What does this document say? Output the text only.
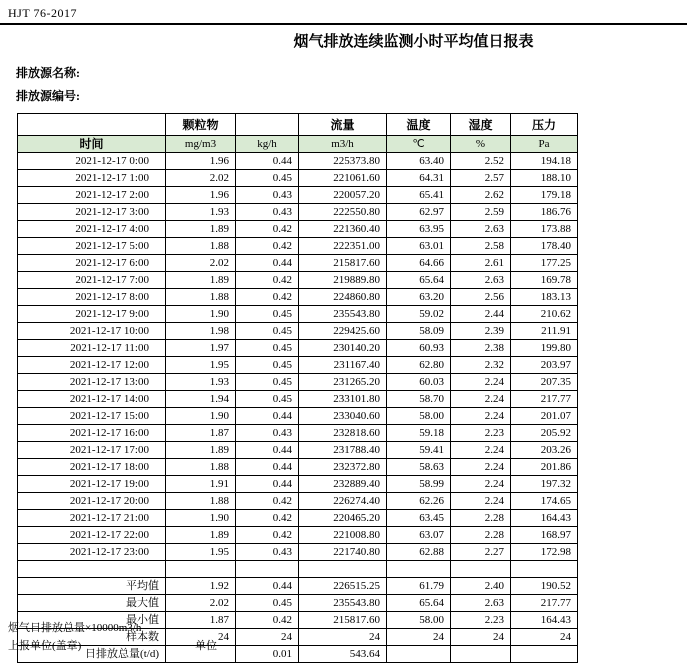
HJT 76-2017
烟气排放连续监测小时平均值日报表
排放源名称:
排放源编号:
	颗粒物		流量	温度	湿度	压力
时间	mg/m3	kg/h	m3/h	℃	%	Pa
2021-12-17 0:00	1.96	0.44	225373.80	63.40	2.52	194.18
2021-12-17 1:00	2.02	0.45	221061.60	64.31	2.57	188.10
2021-12-17 2:00	1.96	0.43	220057.20	65.41	2.62	179.18
2021-12-17 3:00	1.93	0.43	222550.80	62.97	2.59	186.76
2021-12-17 4:00	1.89	0.42	221360.40	63.95	2.63	173.88
2021-12-17 5:00	1.88	0.42	222351.00	63.01	2.58	178.40
2021-12-17 6:00	2.02	0.44	215817.60	64.66	2.61	177.25
2021-12-17 7:00	1.89	0.42	219889.80	65.64	2.63	169.78
2021-12-17 8:00	1.88	0.42	224860.80	63.20	2.56	183.13
2021-12-17 9:00	1.90	0.45	235543.80	59.02	2.44	210.62
2021-12-17 10:00	1.98	0.45	229425.60	58.09	2.39	211.91
2021-12-17 11:00	1.97	0.45	230140.20	60.93	2.38	199.80
2021-12-17 12:00	1.95	0.45	231167.40	62.80	2.32	203.97
2021-12-17 13:00	1.93	0.45	231265.20	60.03	2.24	207.35
2021-12-17 14:00	1.94	0.45	233101.80	58.70	2.24	217.77
2021-12-17 15:00	1.90	0.44	233040.60	58.00	2.24	201.07
2021-12-17 16:00	1.87	0.43	232818.60	59.18	2.23	205.92
2021-12-17 17:00	1.89	0.44	231788.40	59.41	2.24	203.26
2021-12-17 18:00	1.88	0.44	232372.80	58.63	2.24	201.86
2021-12-17 19:00	1.91	0.44	232889.40	58.99	2.24	197.32
2021-12-17 20:00	1.88	0.42	226274.40	62.26	2.24	174.65
2021-12-17 21:00	1.90	0.42	220465.20	63.45	2.28	164.43
2021-12-17 22:00	1.89	0.42	221008.80	63.07	2.28	168.97
2021-12-17 23:00	1.95	0.43	221740.80	62.88	2.27	172.98

平均值	1.92	0.44	226515.25	61.79	2.40	190.52
最大值	2.02	0.45	235543.80	65.64	2.63	217.77
最小值	1.87	0.42	215817.60	58.00	2.23	164.43
样本数	24	24	24	24	24	24
日排放总量(t/d)		0.01	543.64			
烟气日排放总量×10000m3/h
上报单位(盖章)	单位
